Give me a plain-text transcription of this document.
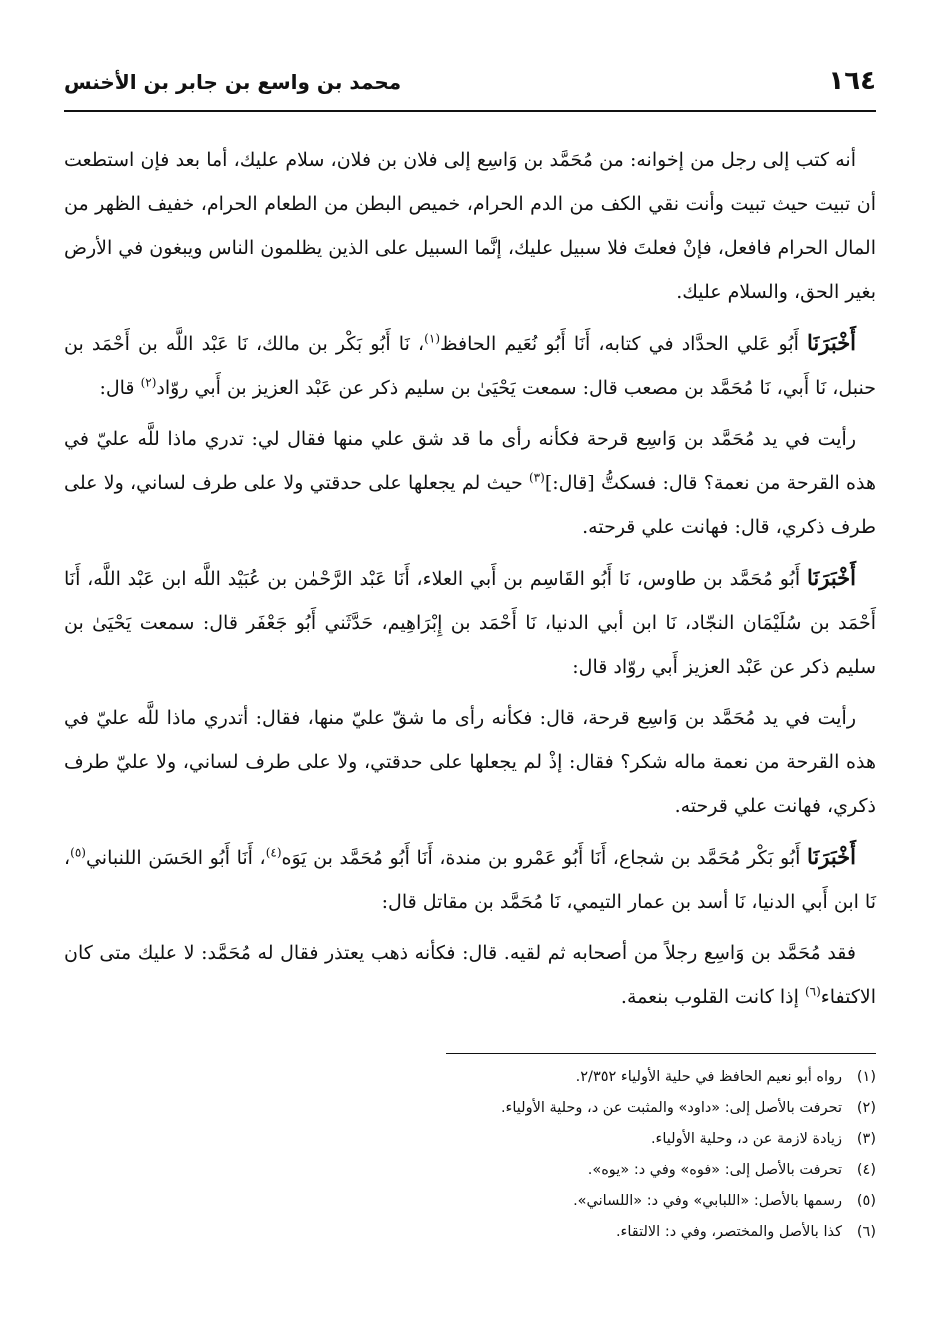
١٦٤
محمد بن واسع بن جابر بن الأخنس

أنه كتب إلى رجل من إخوانه: من مُحَمَّد بن وَاسِع إلى فلان بن فلان، سلام عليك، أما بعد فإن استطعت أن تبيت حيث تبيت وأنت نقي الكف من الدم الحرام، خميص البطن من الطعام الحرام، خفيف الظهر من المال الحرام فافعل، فإنْ فعلتَ فلا سبيل عليك، إنَّما السبيل على الذين يظلمون الناس ويبغون في الأرض بغير الحق، والسلام عليك.

أَخْبَرَنَا أَبُو عَلي الحدَّاد في كتابه، أَنَا أَبُو نُعَيم الحافظ$^{(١)}$، نَا أَبُو بَكْر بن مالك، نَا عَبْد اللَّه بن أَحْمَد بن حنبل، نَا أَبي، نَا مُحَمَّد بن مصعب قال: سمعت يَحْيَىٰ بن سليم ذكر عن عَبْد العزيز بن أَبي روّاد$^{(٢)}$ قال:

رأيت في يد مُحَمَّد بن وَاسِع قرحة فكأنه رأى ما قد شق علي منها فقال لي: تدري ماذا للَّه عليّ في هذه القرحة من نعمة؟ قال: فسكتُّ [قال:]$^{(٣)}$ حيث لم يجعلها على حدقتي ولا على طرف لساني، ولا على طرف ذكري، قال: فهانت علي قرحته.

أَخْبَرَنَا أَبُو مُحَمَّد بن طاوس، نَا أَبُو القَاسِم بن أَبي العلاء، أَنَا عَبْد الرَّحْمٰن بن عُبَيْد اللَّه ابن عَبْد اللَّه، أَنَا أَحْمَد بن سُلَيْمَان النجّاد، نَا ابن أبي الدنيا، نَا أَحْمَد بن إِبْرَاهِيم، حَدَّثَني أَبُو جَعْفَر قال: سمعت يَحْيَىٰ بن سليم ذكر عن عَبْد العزيز أَبي روّاد قال:

رأيت في يد مُحَمَّد بن وَاسِع قرحة، قال: فكأنه رأى ما شقّ عليّ منها، فقال: أتدري ماذا للَّه عليّ في هذه القرحة من نعمة ماله شكر؟ فقال: إذْ لم يجعلها على حدقتي، ولا على طرف لساني، ولا عليّ طرف ذكري، فهانت علي قرحته.

أَخْبَرَنَا أَبُو بَكْر مُحَمَّد بن شجاع، أَنَا أَبُو عَمْرو بن مندة، أَنَا أَبُو مُحَمَّد بن يَوَه$^{(٤)}$، أَنَا أَبُو الحَسَن اللنباني$^{(٥)}$، نَا ابن أَبي الدنيا، نَا أسد بن عمار التيمي، نَا مُحَمَّد بن مقاتل قال:

فقد مُحَمَّد بن وَاسِع رجلاً من أصحابه ثم لقيه. قال: فكأنه ذهب يعتذر فقال له مُحَمَّد: لا عليك متى كان الاكتفاء$^{(٦)}$ إذا كانت القلوب بنعمة.

(١)رواه أبو نعيم الحافظ في حلية الأولياء ٢/٣٥٢.

(٢)تحرفت بالأصل إلى: «داود» والمثبت عن د، وحلية الأولياء.

(٣)زيادة لازمة عن د، وحلية الأولياء.

(٤)تحرفت بالأصل إلى: «فوه» وفي د: «يوه».

(٥)رسمها بالأصل: «اللبابي» وفي د: «اللساني».

(٦)كذا بالأصل والمختصر، وفي د: الالتقاء.
